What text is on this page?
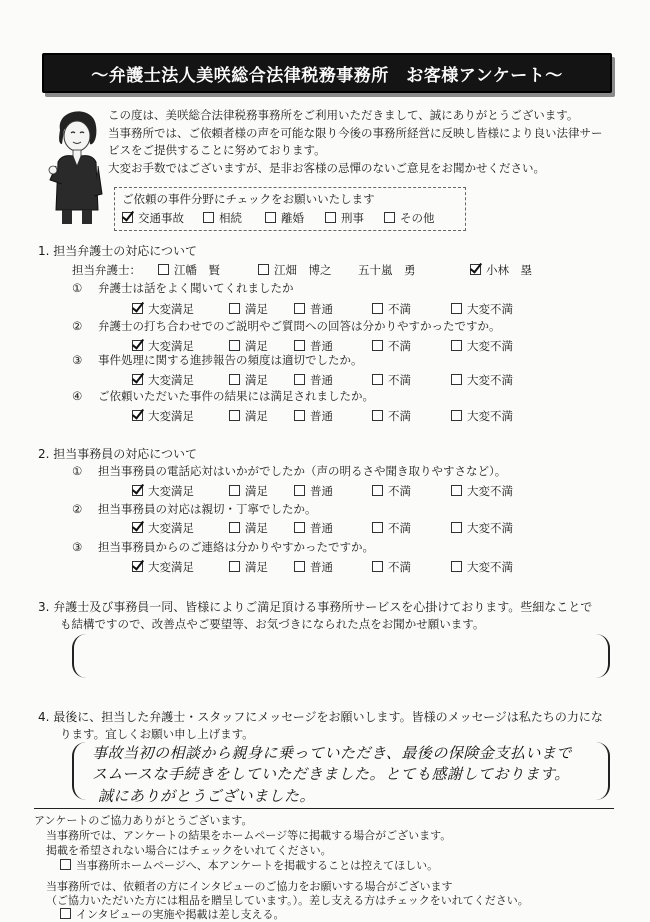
～弁護士法人美咲総合法律税務事務所　お客様アンケート～

この度は、美咲総合法律税務事務所をご利用いただきまして、誠にありがとうございます。

当事務所では、ご依頼者様の声を可能な限り今後の事務所経営に反映し皆様により良い法律サー

ビスをご提供することに努めております。

大変お手数ではございますが、是非お客様の忌憚のないご意見をお聞かせください。

ご依頼の事件分野にチェックをお願いいたします
交通事故	相続	離婚	刑事	その他
1. 担当弁護士の対応について
担当弁護士：	江幡　賢	江畑　博之 五十嵐　勇	小林　塁
① 弁護士は話をよく聞いてくれましたか
② 弁護士の打ち合わせでのご説明やご質問への回答は分かりやすかったですか。
③ 事件処理に関する進捗報告の頻度は適切でしたか。
④ ご依頼いただいた事件の結果には満足されましたか。
2. 担当事務員の対応について
① 担当事務員の電話応対はいかがでしたか（声の明るさや聞き取りやすさなど）。
② 担当事務員の対応は親切・丁寧でしたか。
③ 担当事務員からのご連絡は分かりやすかったですか。
3. 弁護士及び事務員一同、皆様によりご満足頂ける事務所サービスを心掛けております。些細なことで
も結構ですので、改善点やご要望等、お気づきになられた点をお聞かせ願います。
4. 最後に、担当した弁護士・スタッフにメッセージをお願いします。皆様のメッセージは私たちの力にな
ります。宜しくお願い申し上げます。
事故当初の相談から親身に乗っていただき、最後の保険金支払いまで
スムースな手続きをしていただきました。とても感謝しております。
誠にありがとうございました。
アンケートのご協力ありがとうございます。
当事務所では、アンケートの結果をホームページ等に掲載する場合がございます。
掲載を希望されない場合にはチェックをいれてください。
当事務所ホームページへ、本アンケートを掲載することは控えてほしい。
当事務所では、依頼者の方にインタビューのご協力をお願いする場合がございます
（ご協力いただいた方には粗品を贈呈しています。）。差し支える方はチェックをいれてください。
インタビューの実施や掲載は差し支える。
大変満足	満足	普通	不満	大変不満
大変満足	満足	普通	不満	大変不満
大変満足	満足	普通	不満	大変不満
大変満足	満足	普通	不満	大変不満
大変満足	満足	普通	不満	大変不満
大変満足	満足	普通	不満	大変不満
大変満足	満足	普通	不満	大変不満
